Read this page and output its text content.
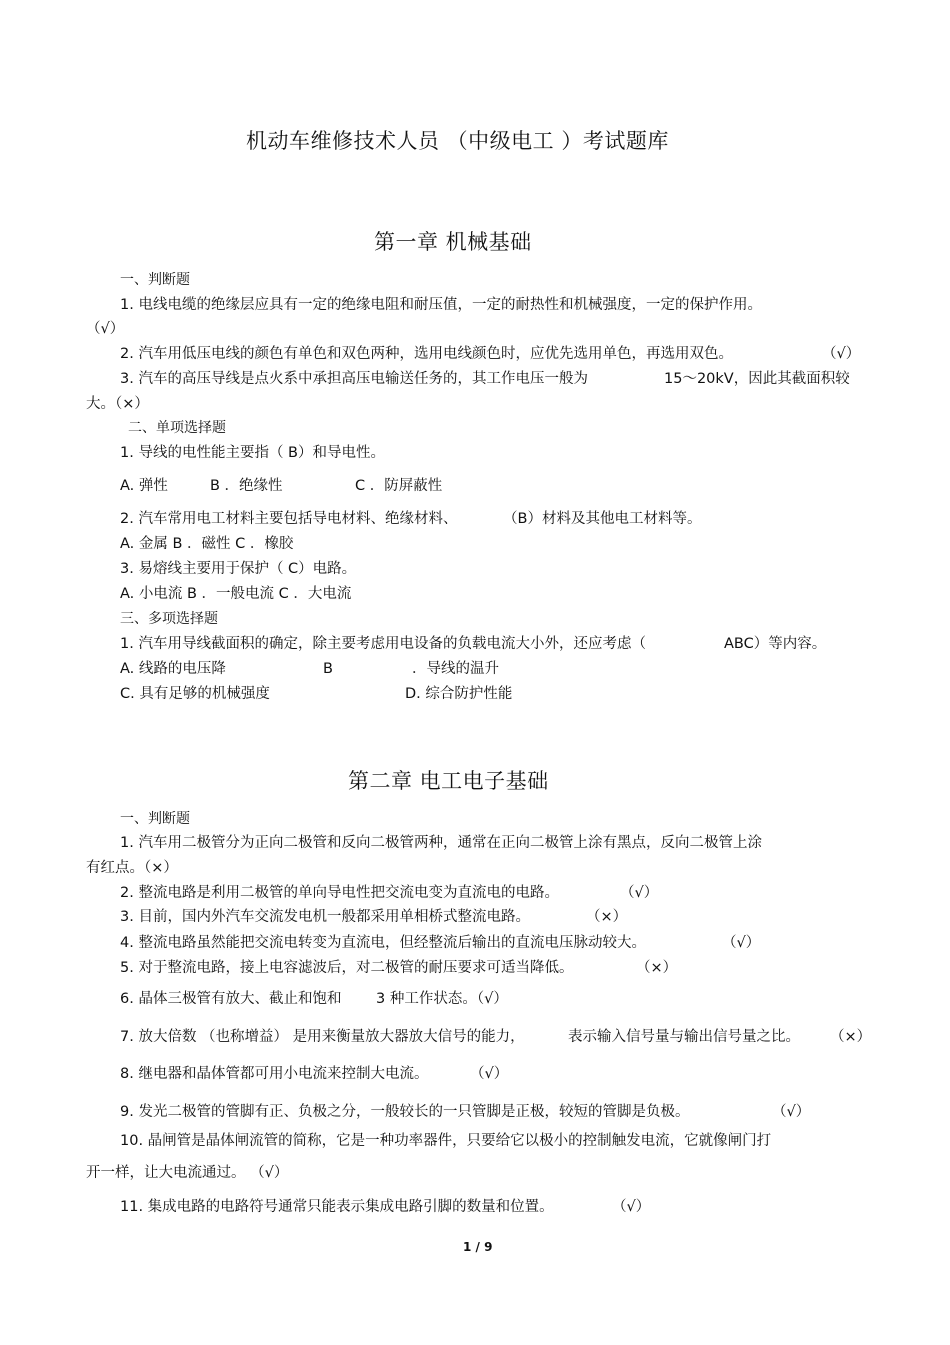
机动车维修技术人员 （中级电工 ）考试题库
第一章 机械基础
一、判断题
1. 电线电缆的绝缘层应具有一定的绝缘电阻和耐压值，一定的耐热性和机械强度，一定的保护作用。
（√）
2. 汽车用低压电线的颜色有单色和双色两种，选用电线颜色时，应优先选用单色，再选用双色。	（√）
3. 汽车的高压导线是点火系中承担高压电输送任务的，其工作电压一般为	15～20kV，因此其截面积较
大。（×）
二、单项选择题
1. 导线的电性能主要指（ B）和导电性。
A. 弹性	B ．绝缘性	C ．防屏蔽性
2. 汽车常用电工材料主要包括导电材料、绝缘材料、	（B）材料及其他电工材料等。
A. 金属 B ．磁性 C ．橡胶
3. 易熔线主要用于保护（ C）电路。
A. 小电流 B ．一般电流 C ．大电流
三、多项选择题
1. 汽车用导线截面积的确定，除主要考虑用电设备的负载电流大小外，还应考虑（	ABC）等内容。
A. 线路的电压降	B	．导线的温升
C. 具有足够的机械强度	D. 综合防护性能
第二章 电工电子基础
一、判断题
1. 汽车用二极管分为正向二极管和反向二极管两种，通常在正向二极管上涂有黑点，反向二极管上涂
有红点。（×）
2. 整流电路是利用二极管的单向导电性把交流电变为直流电的电路。	（√）
3. 目前，国内外汽车交流发电机一般都采用单相桥式整流电路。	（×）
4. 整流电路虽然能把交流电转变为直流电，但经整流后输出的直流电压脉动较大。	（√）
5. 对于整流电路，接上电容滤波后，对二极管的耐压要求可适当降低。	（×）
6. 晶体三极管有放大、截止和饱和 3 种工作状态。（√）
7. 放大倍数 （也称增益） 是用来衡量放大器放大信号的能力，	表示输入信号量与输出信号量之比。 （×）
8. 继电器和晶体管都可用小电流来控制大电流。	（√）
9. 发光二极管的管脚有正、负极之分，一般较长的一只管脚是正极，较短的管脚是负极。	（√）
10. 晶闸管是晶体闸流管的简称，它是一种功率器件，只要给它以极小的控制触发电流，它就像闸门打
开一样，让大电流通过。 （√）
11. 集成电路的电路符号通常只能表示集成电路引脚的数量和位置。	（√）
1 / 9
